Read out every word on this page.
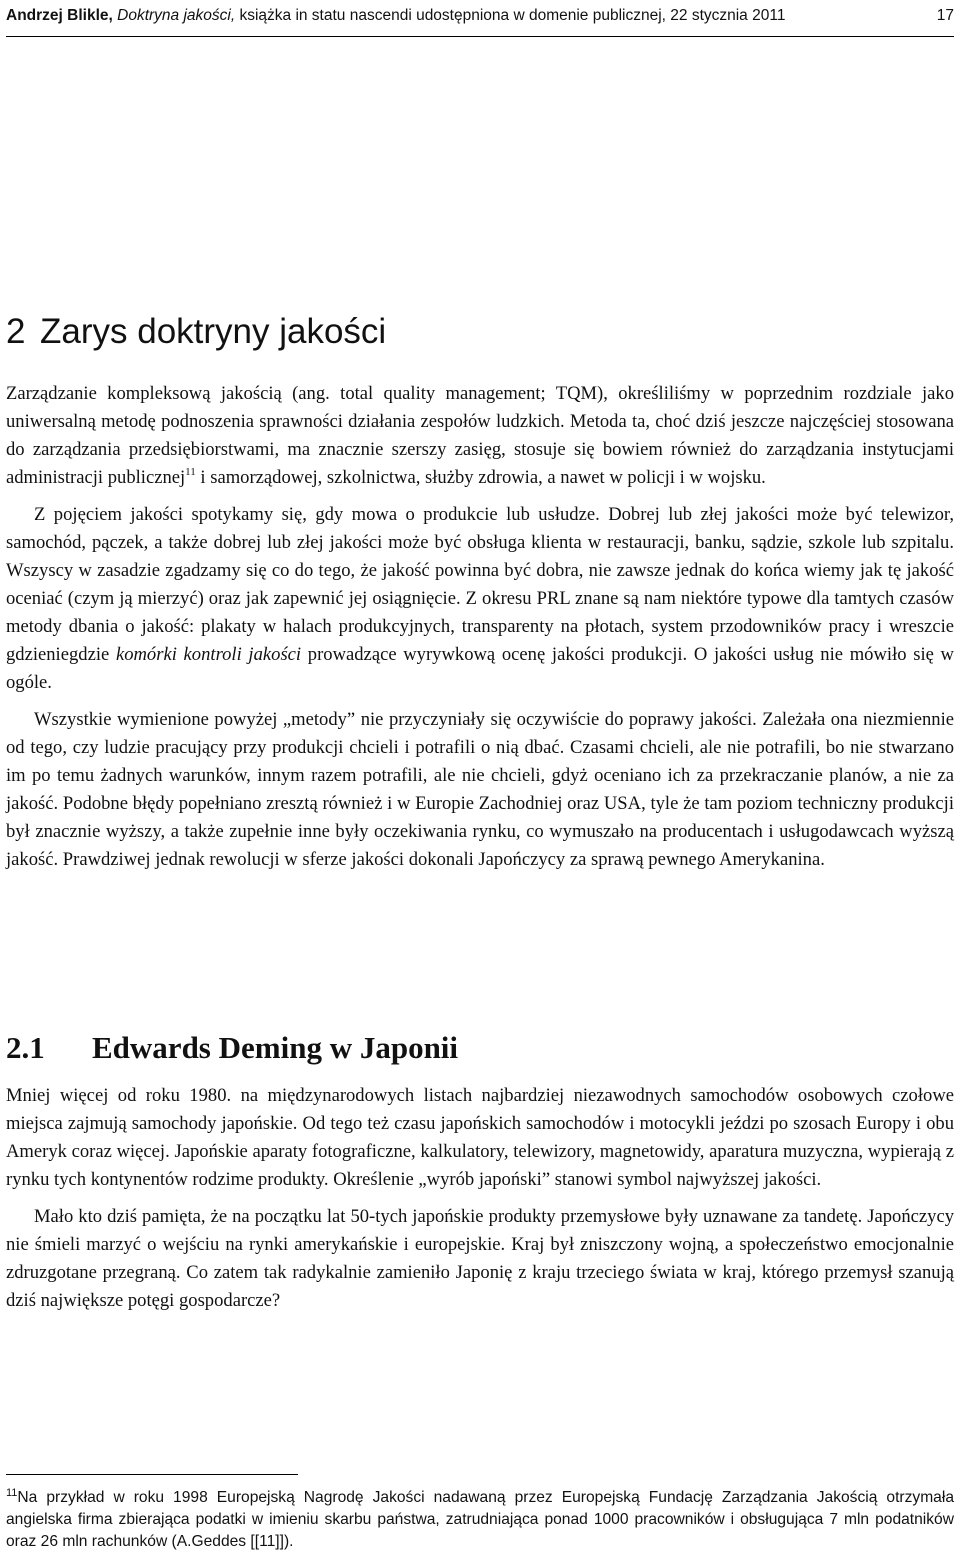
Andrzej Blikle, Doktryna jakości, książka in statu nascendi udostępniona w domenie publicznej, 22 stycznia 2011	17
2 Zarys doktryny jakości

Zarządzanie kompleksową jakością (ang. total quality management; TQM), określiliśmy w poprzednim rozdziale jako uniwersalną metodę podnoszenia sprawności działania zespołów ludzkich. Metoda ta, choć dziś jeszcze najczęściej stosowana do zarządzania przedsiębiorstwami, ma znacznie szerszy zasięg, stosuje się bowiem również do zarządzania instytucjami administracji publicznej$^{11}$ i samorządowej, szkolnictwa, służby zdrowia, a nawet w policji i w wojsku.

Z pojęciem jakości spotykamy się, gdy mowa o produkcie lub usłudze. Dobrej lub złej jakości może być telewizor, samochód, pączek, a także dobrej lub złej jakości może być obsługa klienta w restauracji, banku, sądzie, szkole lub szpitalu. Wszyscy w zasadzie zgadzamy się co do tego, że jakość powinna być dobra, nie zawsze jednak do końca wiemy jak tę jakość oceniać (czym ją mierzyć) oraz jak zapewnić jej osiągnięcie. Z okresu PRL znane są nam niektóre typowe dla tamtych czasów metody dbania o jakość: plakaty w halach produkcyjnych, transparenty na płotach, system przodowników pracy i wreszcie gdzieniegdzie komórki kontroli jakości prowadzące wyrywkową ocenę jakości produkcji. O jakości usług nie mówiło się w ogóle.

Wszystkie wymienione powyżej „metody” nie przyczyniały się oczywiście do poprawy jakości. Zależała ona niezmiennie od tego, czy ludzie pracujący przy produkcji chcieli i potrafili o nią dbać. Czasami chcieli, ale nie potrafili, bo nie stwarzano im po temu żadnych warunków, innym razem potrafili, ale nie chcieli, gdyż oceniano ich za przekraczanie planów, a nie za jakość. Podobne błędy popełniano zresztą również i w Europie Zachodniej oraz USA, tyle że tam poziom techniczny produkcji był znacznie wyższy, a także zupełnie inne były oczekiwania rynku, co wymuszało na producentach i usługodawcach wyższą jakość. Prawdziwej jednak rewolucji w sferze jakości dokonali Japończycy za sprawą pewnego Amerykanina.

2.1 Edwards Deming w Japonii

Mniej więcej od roku 1980. na międzynarodowych listach najbardziej niezawodnych samochodów osobowych czołowe miejsca zajmują samochody japońskie. Od tego też czasu japońskich samochodów i motocykli jeździ po szosach Europy i obu Ameryk coraz więcej. Japońskie aparaty fotograficzne, kalkulatory, telewizory, magnetowidy, aparatura muzyczna, wypierają z rynku tych kontynentów rodzime produkty. Określenie „wyrób japoński” stanowi symbol najwyższej jakości.

Mało kto dziś pamięta, że na początku lat 50-tych japońskie produkty przemysłowe były uznawane za tandetę. Japończycy nie śmieli marzyć o wejściu na rynki amerykańskie i europejskie. Kraj był zniszczony wojną, a społeczeństwo emocjonalnie zdruzgotane przegraną. Co zatem tak radykalnie zamieniło Japonię z kraju trzeciego świata w kraj, którego przemysł szanują dziś największe potęgi gospodarcze?

$^{11}$Na przykład w roku 1998 Europejską Nagrodę Jakości nadawaną przez Europejską Fundację Zarządzania Jakością otrzymała angielska firma zbierająca podatki w imieniu skarbu państwa, zatrudniająca ponad 1000 pracowników i obsługująca 7 mln podatników oraz 26 mln rachunków (A.Geddes [[11]]).
